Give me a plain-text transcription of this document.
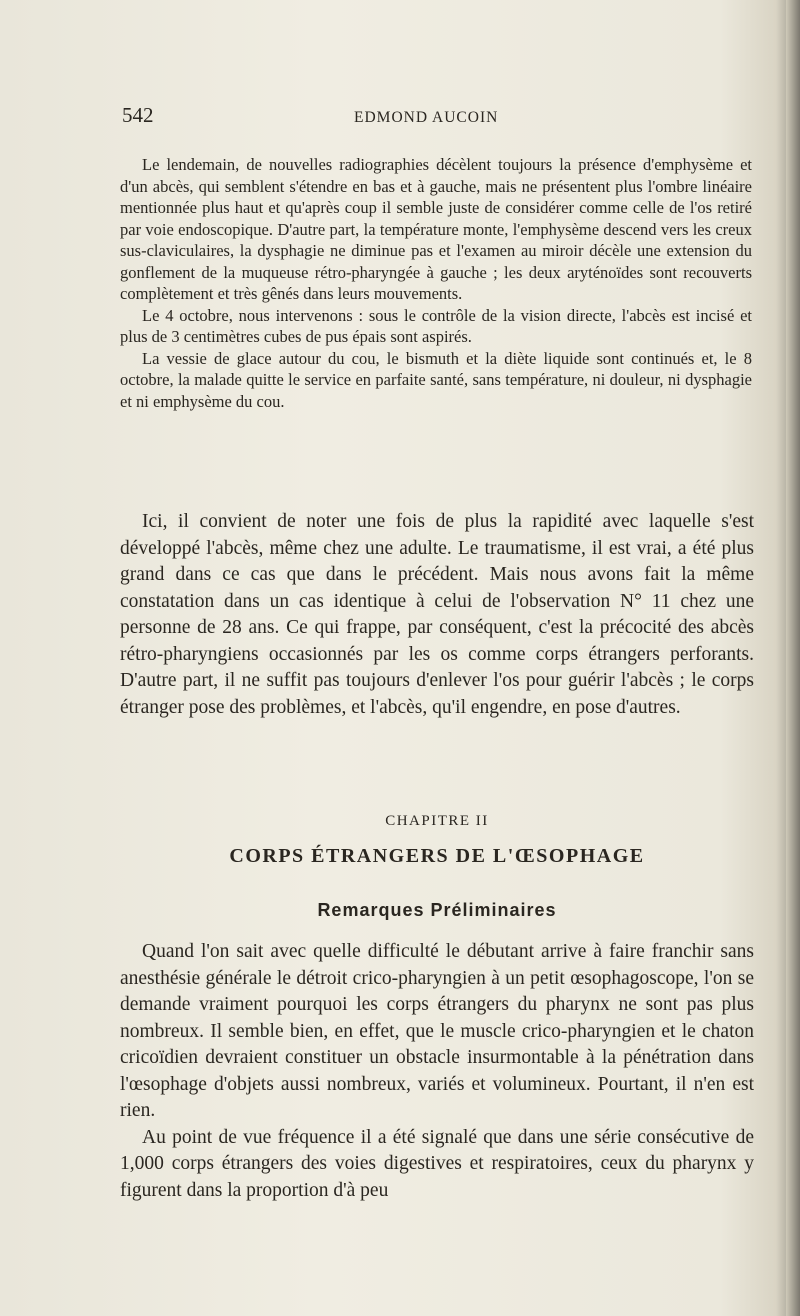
542	EDMOND AUCOIN

Le lendemain, de nouvelles radiographies décèlent toujours la présence d'emphysème et d'un abcès, qui semblent s'étendre en bas et à gauche, mais ne présentent plus l'ombre linéaire mentionnée plus haut et qu'après coup il semble juste de considérer comme celle de l'os retiré par voie endoscopique. D'autre part, la température monte, l'emphysème descend vers les creux sus-claviculaires, la dysphagie ne diminue pas et l'examen au miroir décèle une extension du gonflement de la muqueuse rétro-pharyngée à gauche ; les deux aryténoïdes sont recouverts complètement et très gênés dans leurs mouvements.

Le 4 octobre, nous intervenons : sous le contrôle de la vision directe, l'abcès est incisé et plus de 3 centimètres cubes de pus épais sont aspirés.

La vessie de glace autour du cou, le bismuth et la diète liquide sont continués et, le 8 octobre, la malade quitte le service en parfaite santé, sans température, ni douleur, ni dysphagie et ni emphysème du cou.

Ici, il convient de noter une fois de plus la rapidité avec laquelle s'est développé l'abcès, même chez une adulte. Le traumatisme, il est vrai, a été plus grand dans ce cas que dans le précédent. Mais nous avons fait la même constatation dans un cas identique à celui de l'observation N° 11 chez une personne de 28 ans. Ce qui frappe, par conséquent, c'est la précocité des abcès rétro-pharyngiens occasionnés par les os comme corps étrangers perforants. D'autre part, il ne suffit pas toujours d'enlever l'os pour guérir l'abcès ; le corps étranger pose des problèmes, et l'abcès, qu'il engendre, en pose d'autres.

CHAPITRE II
CORPS ÉTRANGERS DE L'ŒSOPHAGE
Remarques Préliminaires

Quand l'on sait avec quelle difficulté le débutant arrive à faire franchir sans anesthésie générale le détroit crico-pharyngien à un petit œsophagoscope, l'on se demande vraiment pourquoi les corps étrangers du pharynx ne sont pas plus nombreux. Il semble bien, en effet, que le muscle crico-pharyngien et le chaton cricoïdien devraient constituer un obstacle insurmontable à la pénétration dans l'œsophage d'objets aussi nombreux, variés et volumineux. Pourtant, il n'en est rien.

Au point de vue fréquence il a été signalé que dans une série consécutive de 1,000 corps étrangers des voies digestives et respiratoires, ceux du pharynx y figurent dans la proportion d'à peu
